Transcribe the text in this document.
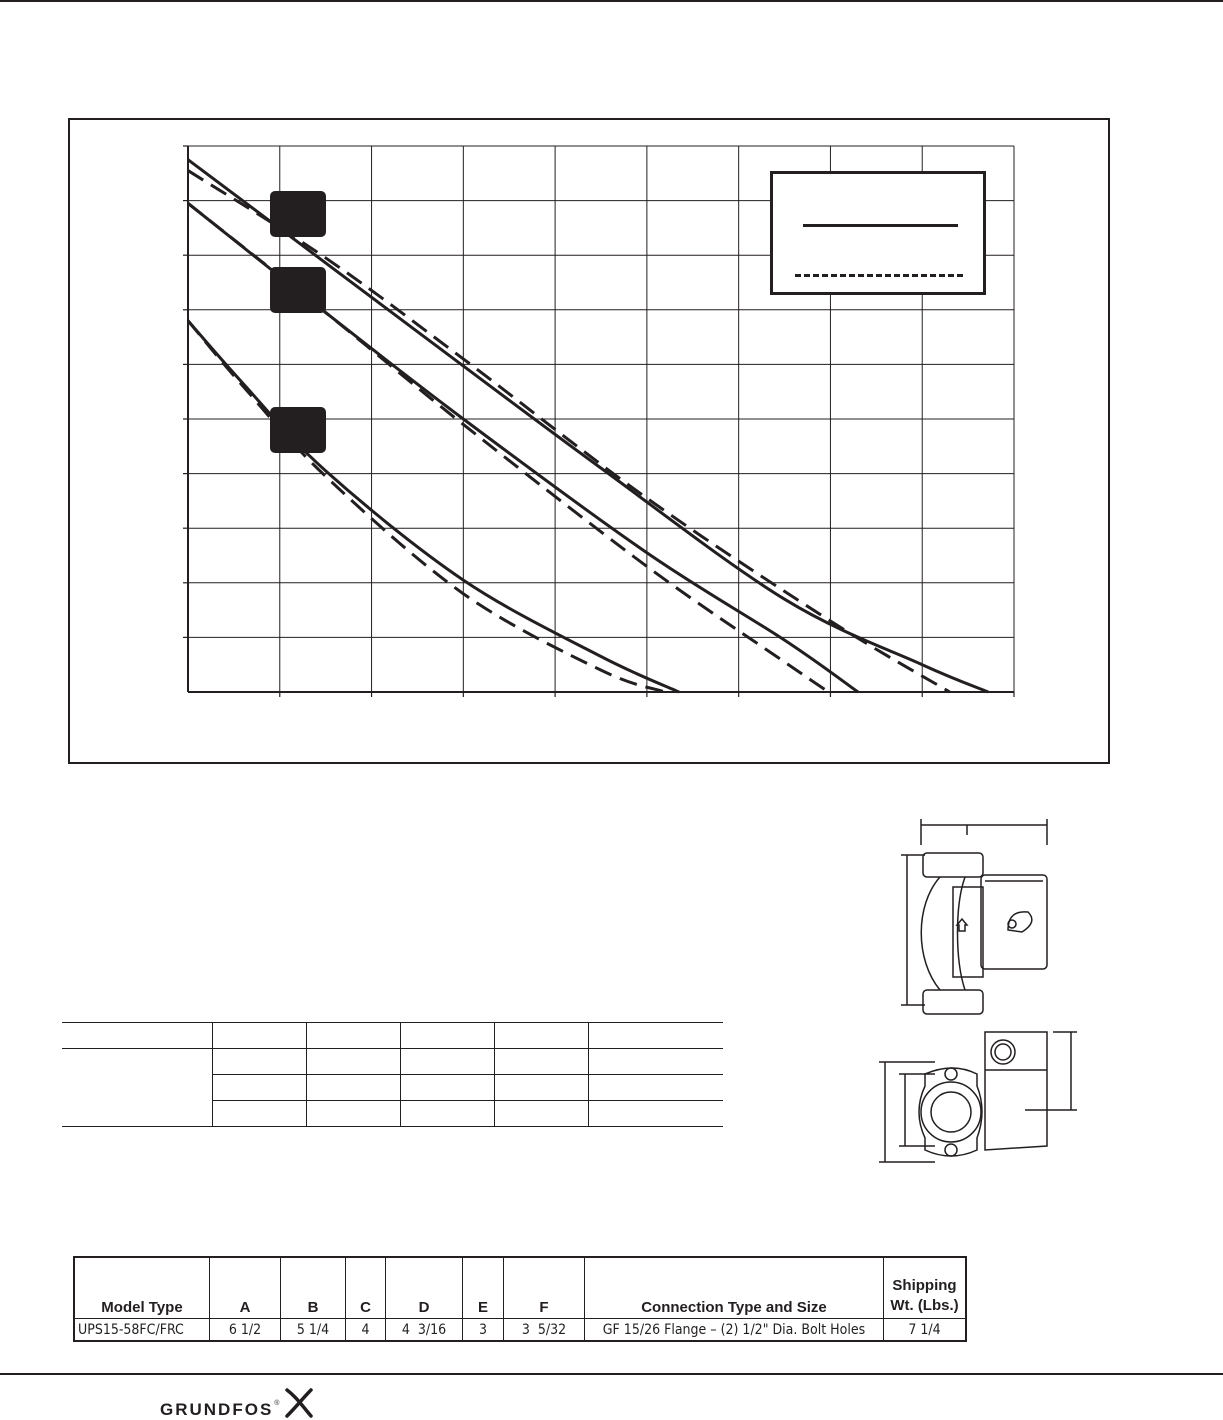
Model Type	A	B	C	D	E	F	Connection Type and Size	Shipping Wt. (Lbs.)
UPS15-58FC/FRC	6 1/2	5 1/4	4	4  3/16	3	3  5/32	GF 15/26 Flange – (2) 1/2" Dia. Bolt Holes	7 1/4
GRUNDFOS ®
